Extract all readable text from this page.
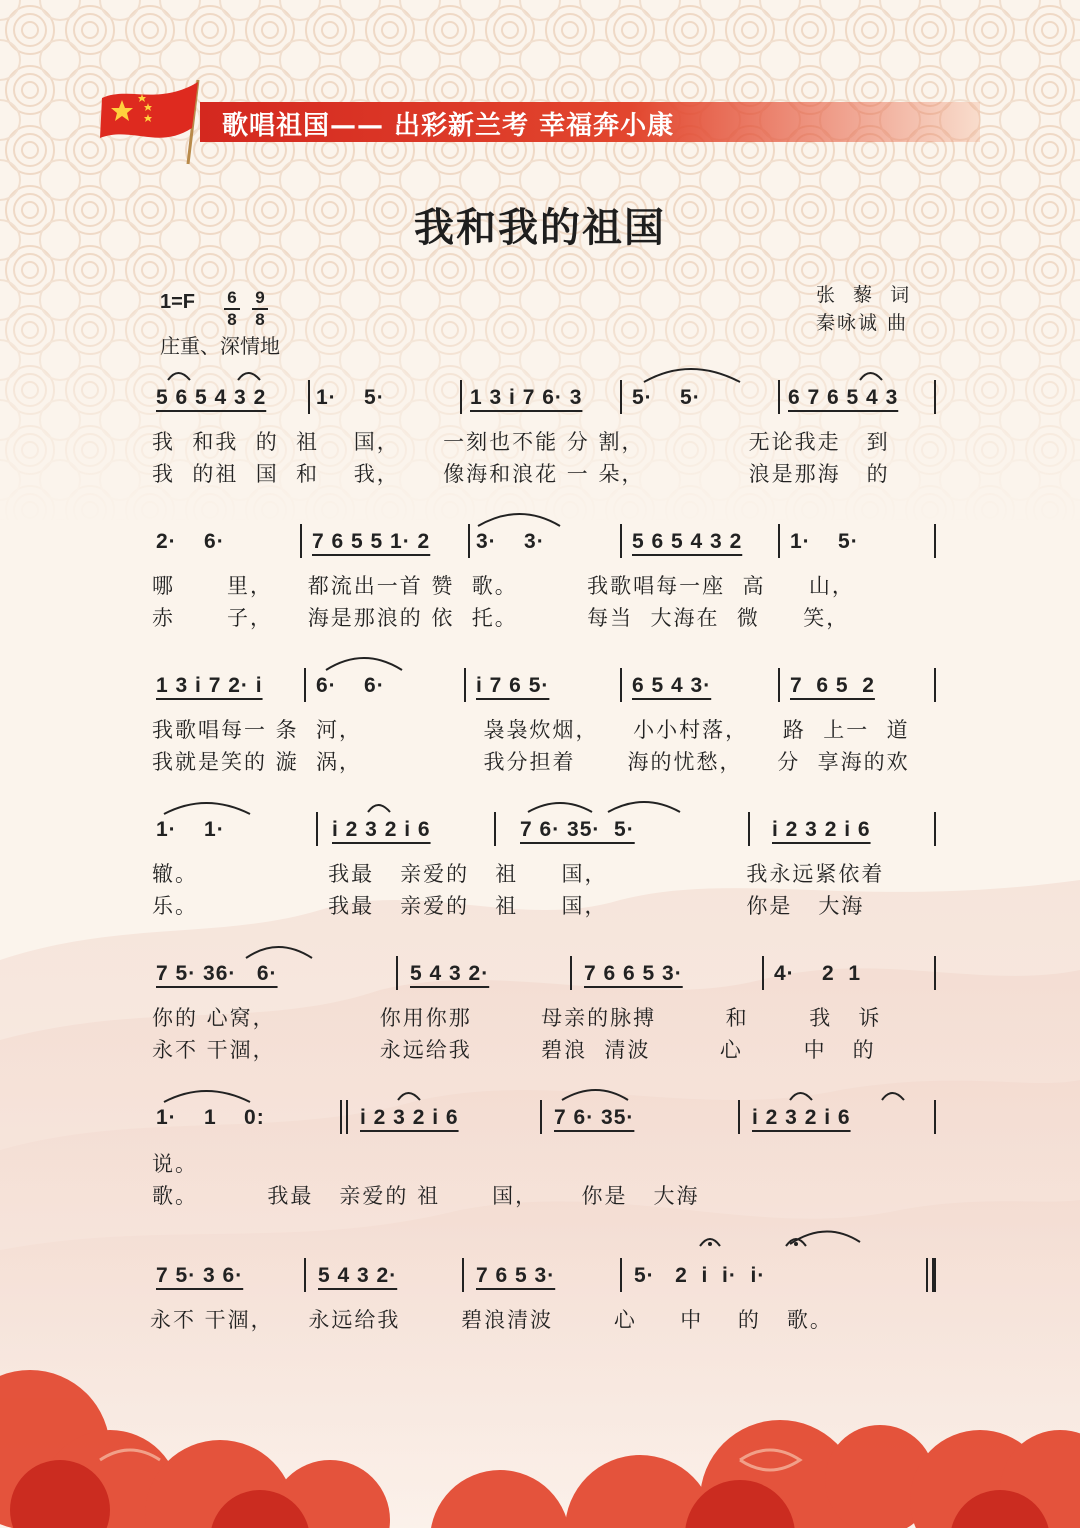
歌唱祖国—— 出彩新兰考 幸福奔小康
我和我的祖国
1=F 6
8
9
8
庄重、深情地
张 藜 词
秦咏诚 曲

5 6 5 4 3 2

1·    5·

	1 3 i 7 6· 3

5·    5·

	6 7 6 5 4 3

我  和我  的  祖    国，     一刻也不能 分 割，            无论我走   到
我  的祖  国  和    我，     像海和浪花 一 朵，            浪是那海   的

2·    6·

	7 6 5 5 1· 2

3·    3·

	5 6 5 4 3 2

1·    5·

哪      里，    都流出一首 赞  歌。        我歌唱每一座  高     山，
赤      子，    海是那浪的 依  托。        每当  大海在  微     笑，

1 3 i 7 2· i

	6·    6·

	i 7 6 5·

	6 5 4 3·

	7  6 5  2

我歌唱每一 条  河，              袅袅炊烟，    小小村落，    路  上一  道
我就是笑的 漩  涡，              我分担着      海的忧愁，    分  享海的欢

1·    1·

	i 2 3 2 i 6

	7 6· 35·  5·

	i 2 3 2 i 6

辙。               我最   亲爱的   祖     国，                我永远紧依着
乐。               我最   亲爱的   祖     国，                你是   大海

7 5· 36·   6·

	5 4 3 2·

	7 6 6 5 3·

	4·    2  1

你的 心窝，            你用你那        母亲的脉搏        和       我   诉
永不 干涸，            永远给我        碧浪  清波        心       中   的

1·    1    0:

	i 2 3 2 i 6

	7 6· 35·

	i 2 3 2 i 6

说。
歌。        我最   亲爱的 祖      国，     你是   大海

7 5· 3 6·

	5 4 3 2·

	7 6 5 3·

	5·   2  i  i·  i·

永不 干涸，    永远给我       碧浪清波       心     中    的   歌。
